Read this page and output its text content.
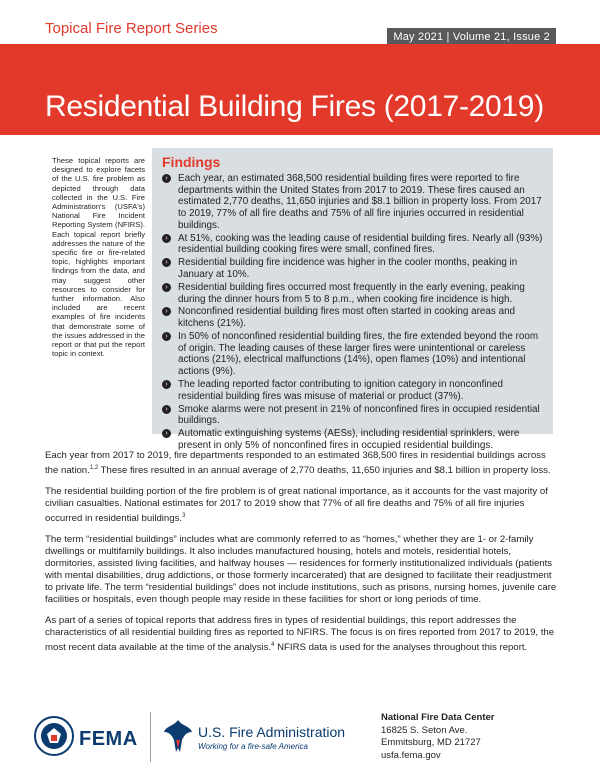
Topical Fire Report Series	May 2021 | Volume 21, Issue 2
Residential Building Fires (2017-2019)
These topical reports are designed to explore facets of the U.S. fire problem as depicted through data collected in the U.S. Fire Administration's (USFA's) National Fire Incident Reporting System (NFIRS). Each topical report briefly addresses the nature of the specific fire or fire-related topic, highlights important findings from the data, and may suggest other resources to consider for further information. Also included are recent examples of fire incidents that demonstrate some of the issues addressed in the report or that put the report topic in context.
Findings
›	Each year, an estimated 368,500 residential building fires were reported to fire departments within the United States from 2017 to 2019. These fires caused an estimated 2,770 deaths, 11,650 injuries and $8.1 billion in property loss. From 2017 to 2019, 77% of all fire deaths and 75% of all fire injuries occurred in residential buildings.
›	At 51%, cooking was the leading cause of residential building fires. Nearly all (93%) residential building cooking fires were small, confined fires.
›	Residential building fire incidence was higher in the cooler months, peaking in January at 10%.
›	Residential building fires occurred most frequently in the early evening, peaking during the dinner hours from 5 to 8 p.m., when cooking fire incidence is high.
›	Nonconfined residential building fires most often started in cooking areas and kitchens (21%).
›	In 50% of nonconfined residential building fires, the fire extended beyond the room of origin. The leading causes of these larger fires were unintentional or careless actions (21%), electrical malfunctions (14%), open flames (10%) and intentional actions (9%).
›	The leading reported factor contributing to ignition category in nonconfined residential building fires was misuse of material or product (37%).
›	Smoke alarms were not present in 21% of nonconfined fires in occupied residential buildings.
›	Automatic extinguishing systems (AESs), including residential sprinklers, were present in only 5% of nonconfined fires in occupied residential buildings.

Each year from 2017 to 2019, fire departments responded to an estimated 368,500 fires in residential buildings across the nation.$^{1,2}$ These fires resulted in an annual average of 2,770 deaths, 11,650 injuries and $8.1 billion in property loss.

The residential building portion of the fire problem is of great national importance, as it accounts for the vast majority of civilian casualties. National estimates for 2017 to 2019 show that 77% of all fire deaths and 75% of all fire injuries occurred in residential buildings.$^3$

The term “residential buildings” includes what are commonly referred to as “homes,” whether they are 1- or 2-family dwellings or multifamily buildings. It also includes manufactured housing, hotels and motels, residential hotels, dormitories, assisted living facilities, and halfway houses — residences for formerly institutionalized individuals (patients with mental disabilities, drug addictions, or those formerly incarcerated) that are designed to facilitate their readjustment to private life. The term “residential buildings” does not include institutions, such as prisons, nursing homes, juvenile care facilities or hospitals, even though people may reside in these facilities for short or long periods of time.

As part of a series of topical reports that address fires in types of residential buildings, this report addresses the characteristics of all residential building fires as reported to NFIRS. The focus is on fires reported from 2017 to 2019, the most recent data available at the time of the analysis.$^4$ NFIRS data is used for the analyses throughout this report.

FEMA	U.S. Fire Administration
Working for a fire-safe America
National Fire Data Center
16825 S. Seton Ave.
Emmitsburg, MD 21727
usfa.fema.gov
